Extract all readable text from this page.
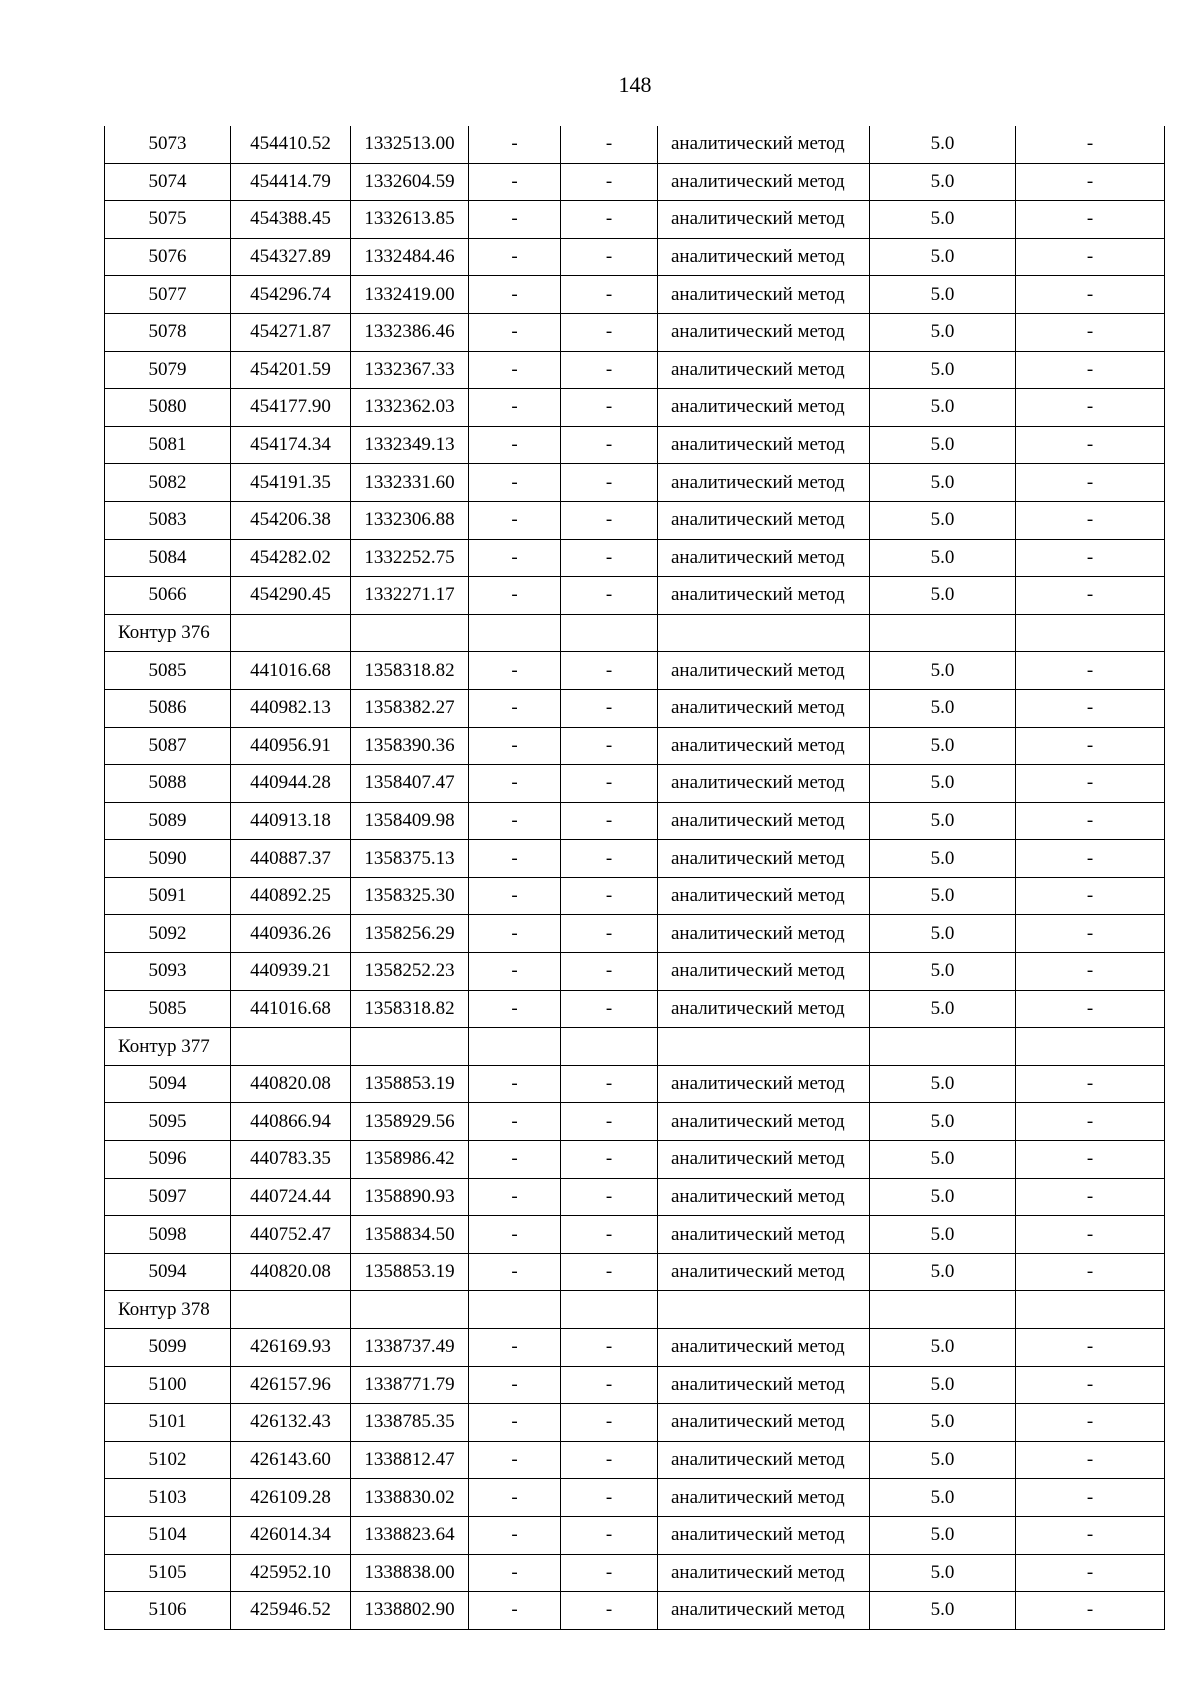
148
5073	454410.52	1332513.00	-	-	аналитический метод	5.0	-
5074	454414.79	1332604.59	-	-	аналитический метод	5.0	-
5075	454388.45	1332613.85	-	-	аналитический метод	5.0	-
5076	454327.89	1332484.46	-	-	аналитический метод	5.0	-
5077	454296.74	1332419.00	-	-	аналитический метод	5.0	-
5078	454271.87	1332386.46	-	-	аналитический метод	5.0	-
5079	454201.59	1332367.33	-	-	аналитический метод	5.0	-
5080	454177.90	1332362.03	-	-	аналитический метод	5.0	-
5081	454174.34	1332349.13	-	-	аналитический метод	5.0	-
5082	454191.35	1332331.60	-	-	аналитический метод	5.0	-
5083	454206.38	1332306.88	-	-	аналитический метод	5.0	-
5084	454282.02	1332252.75	-	-	аналитический метод	5.0	-
5066	454290.45	1332271.17	-	-	аналитический метод	5.0	-
Контур 376							
5085	441016.68	1358318.82	-	-	аналитический метод	5.0	-
5086	440982.13	1358382.27	-	-	аналитический метод	5.0	-
5087	440956.91	1358390.36	-	-	аналитический метод	5.0	-
5088	440944.28	1358407.47	-	-	аналитический метод	5.0	-
5089	440913.18	1358409.98	-	-	аналитический метод	5.0	-
5090	440887.37	1358375.13	-	-	аналитический метод	5.0	-
5091	440892.25	1358325.30	-	-	аналитический метод	5.0	-
5092	440936.26	1358256.29	-	-	аналитический метод	5.0	-
5093	440939.21	1358252.23	-	-	аналитический метод	5.0	-
5085	441016.68	1358318.82	-	-	аналитический метод	5.0	-
Контур 377							
5094	440820.08	1358853.19	-	-	аналитический метод	5.0	-
5095	440866.94	1358929.56	-	-	аналитический метод	5.0	-
5096	440783.35	1358986.42	-	-	аналитический метод	5.0	-
5097	440724.44	1358890.93	-	-	аналитический метод	5.0	-
5098	440752.47	1358834.50	-	-	аналитический метод	5.0	-
5094	440820.08	1358853.19	-	-	аналитический метод	5.0	-
Контур 378							
5099	426169.93	1338737.49	-	-	аналитический метод	5.0	-
5100	426157.96	1338771.79	-	-	аналитический метод	5.0	-
5101	426132.43	1338785.35	-	-	аналитический метод	5.0	-
5102	426143.60	1338812.47	-	-	аналитический метод	5.0	-
5103	426109.28	1338830.02	-	-	аналитический метод	5.0	-
5104	426014.34	1338823.64	-	-	аналитический метод	5.0	-
5105	425952.10	1338838.00	-	-	аналитический метод	5.0	-
5106	425946.52	1338802.90	-	-	аналитический метод	5.0	-
